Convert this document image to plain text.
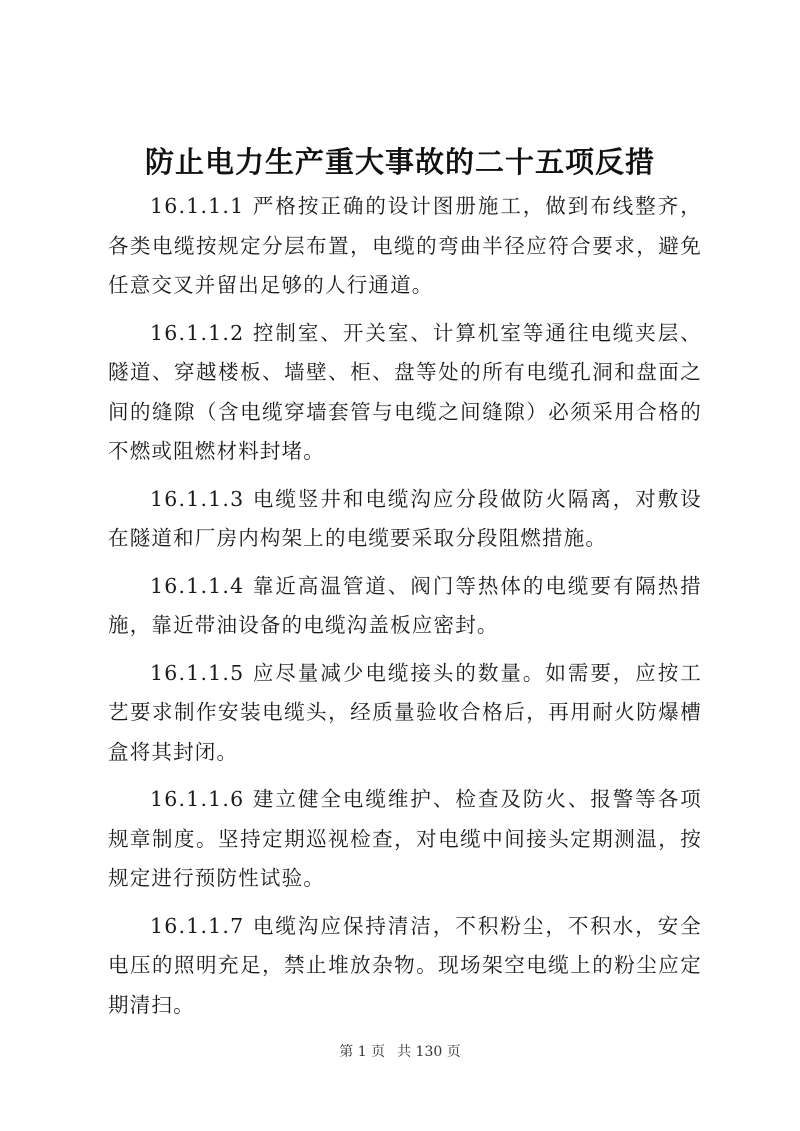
防止电力生产重大事故的二十五项反措

16.1.1.1 严格按正确的设计图册施工，做到布线整齐，各类电缆按规定分层布置，电缆的弯曲半径应符合要求，避免任意交叉并留出足够的人行通道。

16.1.1.2 控制室、开关室、计算机室等通往电缆夹层、隧道、穿越楼板、墙壁、柜、盘等处的所有电缆孔洞和盘面之间的缝隙（含电缆穿墙套管与电缆之间缝隙）必须采用合格的不燃或阻燃材料封堵。

16.1.1.3 电缆竖井和电缆沟应分段做防火隔离，对敷设在隧道和厂房内构架上的电缆要采取分段阻燃措施。

16.1.1.4 靠近高温管道、阀门等热体的电缆要有隔热措施，靠近带油设备的电缆沟盖板应密封。

16.1.1.5 应尽量减少电缆接头的数量。如需要，应按工艺要求制作安装电缆头，经质量验收合格后，再用耐火防爆槽盒将其封闭。

16.1.1.6 建立健全电缆维护、检查及防火、报警等各项规章制度。坚持定期巡视检查，对电缆中间接头定期测温，按规定进行预防性试验。

16.1.1.7 电缆沟应保持清洁，不积粉尘，不积水，安全电压的照明充足，禁止堆放杂物。现场架空电缆上的粉尘应定期清扫。

第 1 页 共 130 页
